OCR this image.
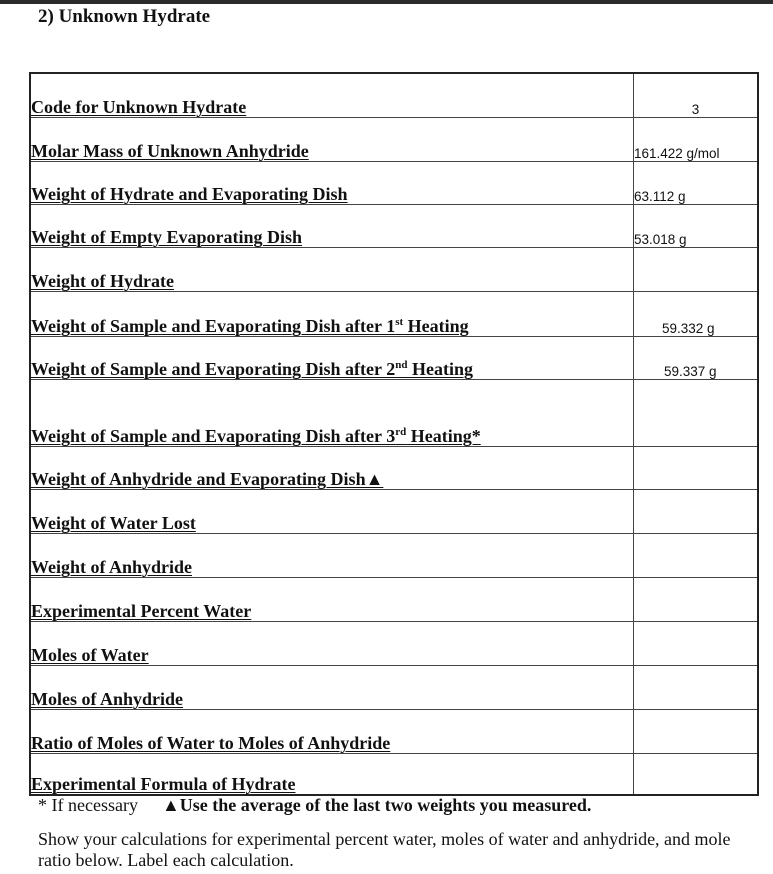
2) Unknown Hydrate
Code for Unknown Hydrate	3
Molar Mass of Unknown Anhydride	161.422 g/mol
Weight of Hydrate and Evaporating Dish	63.112 g
Weight of Empty Evaporating Dish	53.018 g
Weight of Hydrate	
Weight of Sample and Evaporating Dish after 1st Heating	59.332 g
Weight of Sample and Evaporating Dish after 2nd Heating	59.337 g
Weight of Sample and Evaporating Dish after 3rd Heating*	
Weight of Anhydride and Evaporating Dish▲	
Weight of Water Lost	
Weight of Anhydride	
Experimental Percent Water	
Moles of Water	
Moles of Anhydride	
Ratio of Moles of Water to Moles of Anhydride	
Experimental Formula of Hydrate	
* If necessary ▲Use the average of the last two weights you measured.
Show your calculations for experimental percent water, moles of water and anhydride, and mole ratio below. Label each calculation.
